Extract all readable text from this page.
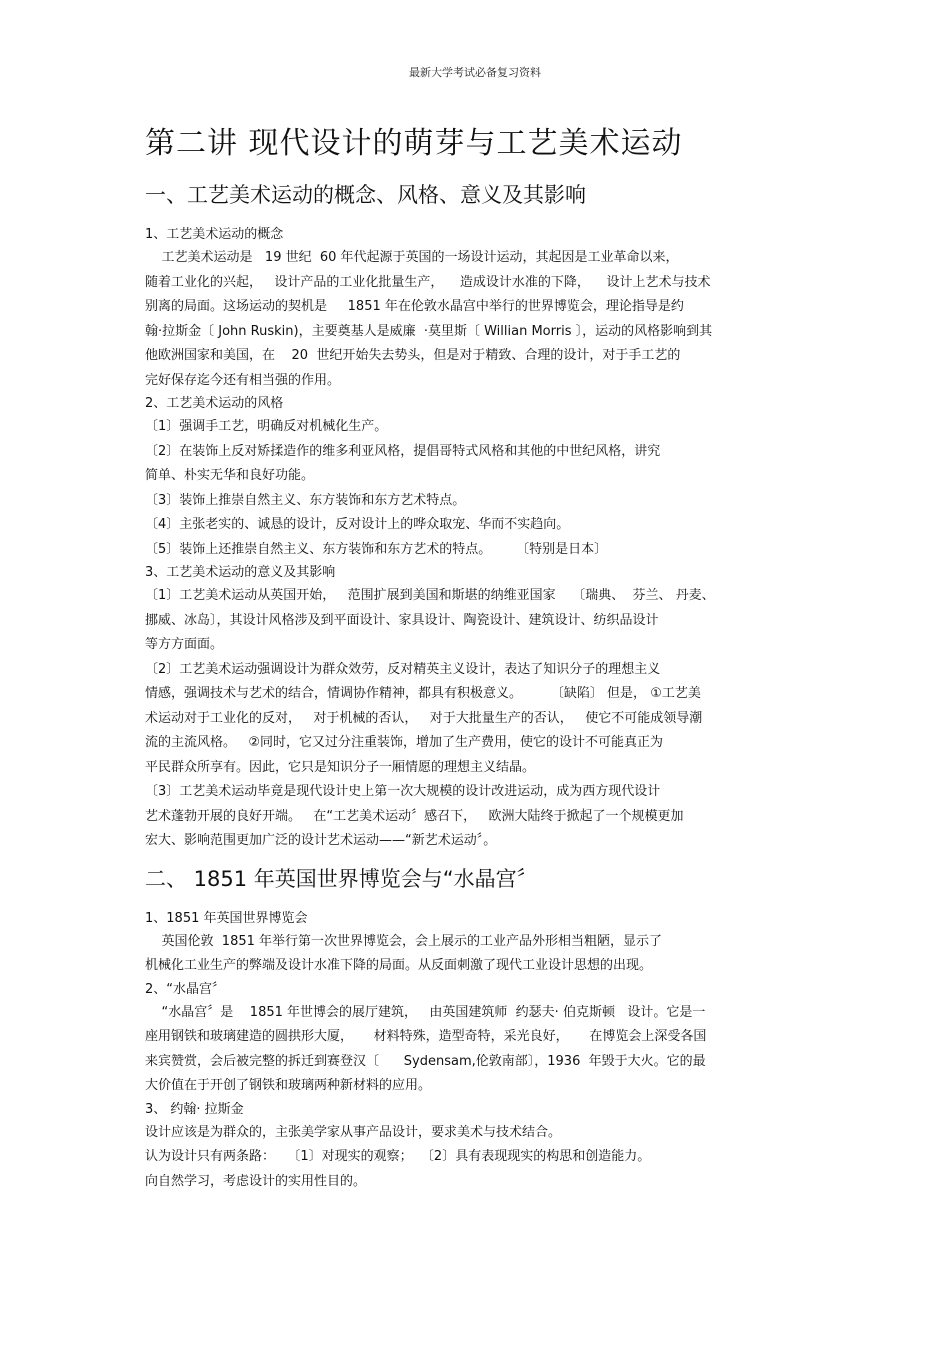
最新大学考试必备复习资料
第二讲 现代设计的萌芽与工艺美术运动
一、工艺美术运动的概念、风格、意义及其影响
1、工艺美术运动的概念
工艺美术运动是   19 世纪  60 年代起源于英国的一场设计运动，其起因是工业革命以来，
随着工业化的兴起，   设计产品的工业化批量生产，    造成设计水准的下降，    设计上艺术与技术
别离的局面。这场运动的契机是     1851 年在伦敦水晶宫中举行的世界博览会，理论指导是约
翰·拉斯金〔 John Ruskin)，主要奠基人是威廉  ·莫里斯〔 Willian Morris 〕，运动的风格影响到其
他欧洲国家和美国，在    20  世纪开始失去势头，但是对于精致、合理的设计，对于手工艺的
完好保存迄今还有相当强的作用。
2、工艺美术运动的风格
〔1〕强调手工艺，明确反对机械化生产。
〔2〕在装饰上反对矫揉造作的维多利亚风格，提倡哥特式风格和其他的中世纪风格，讲究
简单、朴实无华和良好功能。
〔3〕装饰上推崇自然主义、东方装饰和东方艺术特点。
〔4〕主张老实的、诚恳的设计，反对设计上的哗众取宠、华而不实趋向。
〔5〕装饰上还推崇自然主义、东方装饰和东方艺术的特点。      〔特别是日本〕
3、工艺美术运动的意义及其影响
〔1〕工艺美术运动从英国开始，   范围扩展到美国和斯堪的纳维亚国家    〔瑞典、  芬兰、 丹麦、
挪威、冰岛〕，其设计风格涉及到平面设计、家具设计、陶瓷设计、建筑设计、纺织品设计
等方方面面。
〔2〕工艺美术运动强调设计为群众效劳，反对精英主义设计，表达了知识分子的理想主义
情感，强调技术与艺术的结合，情调协作精神，都具有积极意义。       〔缺陷〕 但是， ①工艺美
术运动对于工业化的反对，   对于机械的否认，   对于大批量生产的否认，   使它不可能成领导潮
流的主流风格。   ②同时，它又过分注重装饰，增加了生产费用，使它的设计不可能真正为
平民群众所享有。因此，它只是知识分子一厢情愿的理想主义结晶。
〔3〕工艺美术运动毕竟是现代设计史上第一次大规模的设计改进运动，成为西方现代设计
艺术蓬勃开展的良好开端。   在“工艺美术运动〞感召下，   欧洲大陆终于掀起了一个规模更加
宏大、影响范围更加广泛的设计艺术运动——“新艺术运动〞。
二、 1851 年英国世界博览会与“水晶宫〞
1、1851 年英国世界博览会
英国伦敦  1851 年举行第一次世界博览会，会上展示的工业产品外形相当粗陋，显示了
机械化工业生产的弊端及设计水准下降的局面。从反面刺激了现代工业设计思想的出现。
2、“水晶宫〞
“水晶宫〞是    1851 年世博会的展厅建筑，   由英国建筑师  约瑟夫· 伯克斯顿   设计。它是一
座用钢铁和玻璃建造的圆拱形大厦，     材料特殊，造型奇特，采光良好，     在博览会上深受各国
来宾赞赏，会后被完整的拆迁到赛登汉〔      Sydensam,伦敦南部〕，1936  年毁于大火。它的最
大价值在于开创了钢铁和玻璃两种新材料的应用。
3、 约翰· 拉斯金
设计应该是为群众的，主张美学家从事产品设计，要求美术与技术结合。
认为设计只有两条路：   〔1〕对现实的观察；  〔2〕具有表现现实的构思和创造能力。
向自然学习，考虑设计的实用性目的。
